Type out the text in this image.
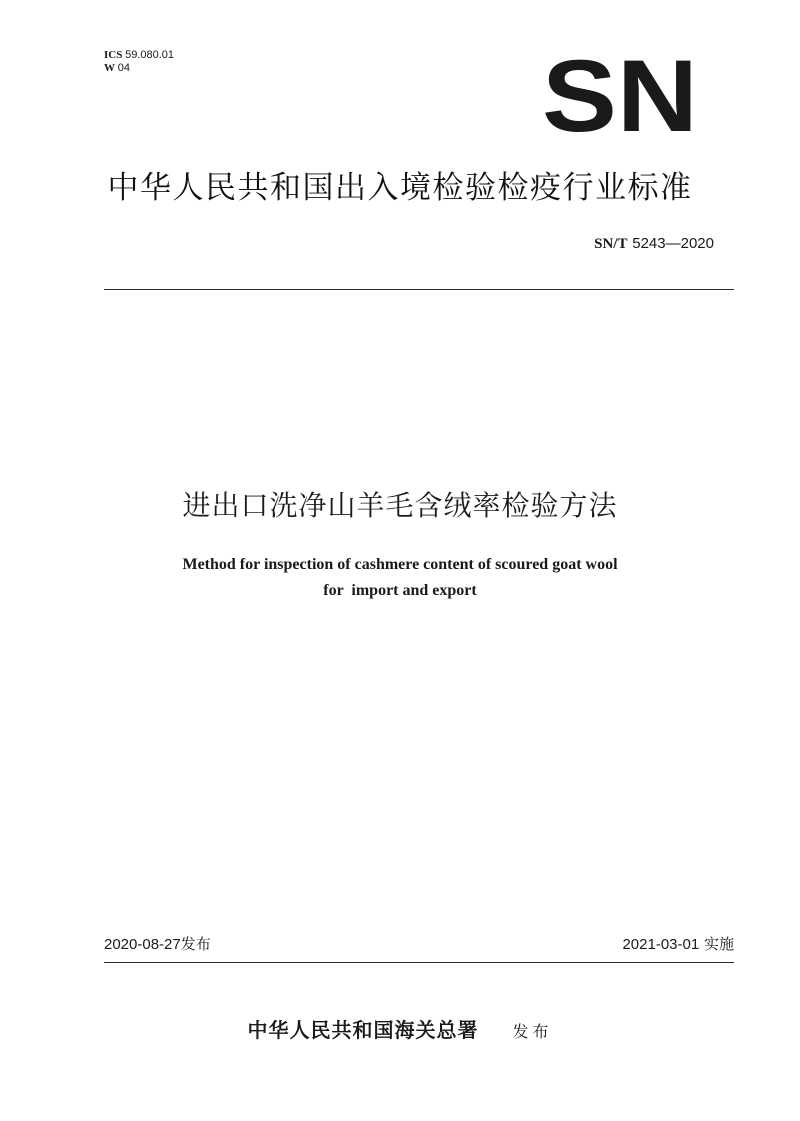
ICS 59.080.01
W 04	SN
中华人民共和国出入境检验检疫行业标准
SN/T 5243—2020
进出口洗净山羊毛含绒率检验方法
Method for inspection of cashmere content of scoured goat wool
for  import and export
2020-08-27发布	2021-03-01 实施
中华人民共和国海关总署 发布
